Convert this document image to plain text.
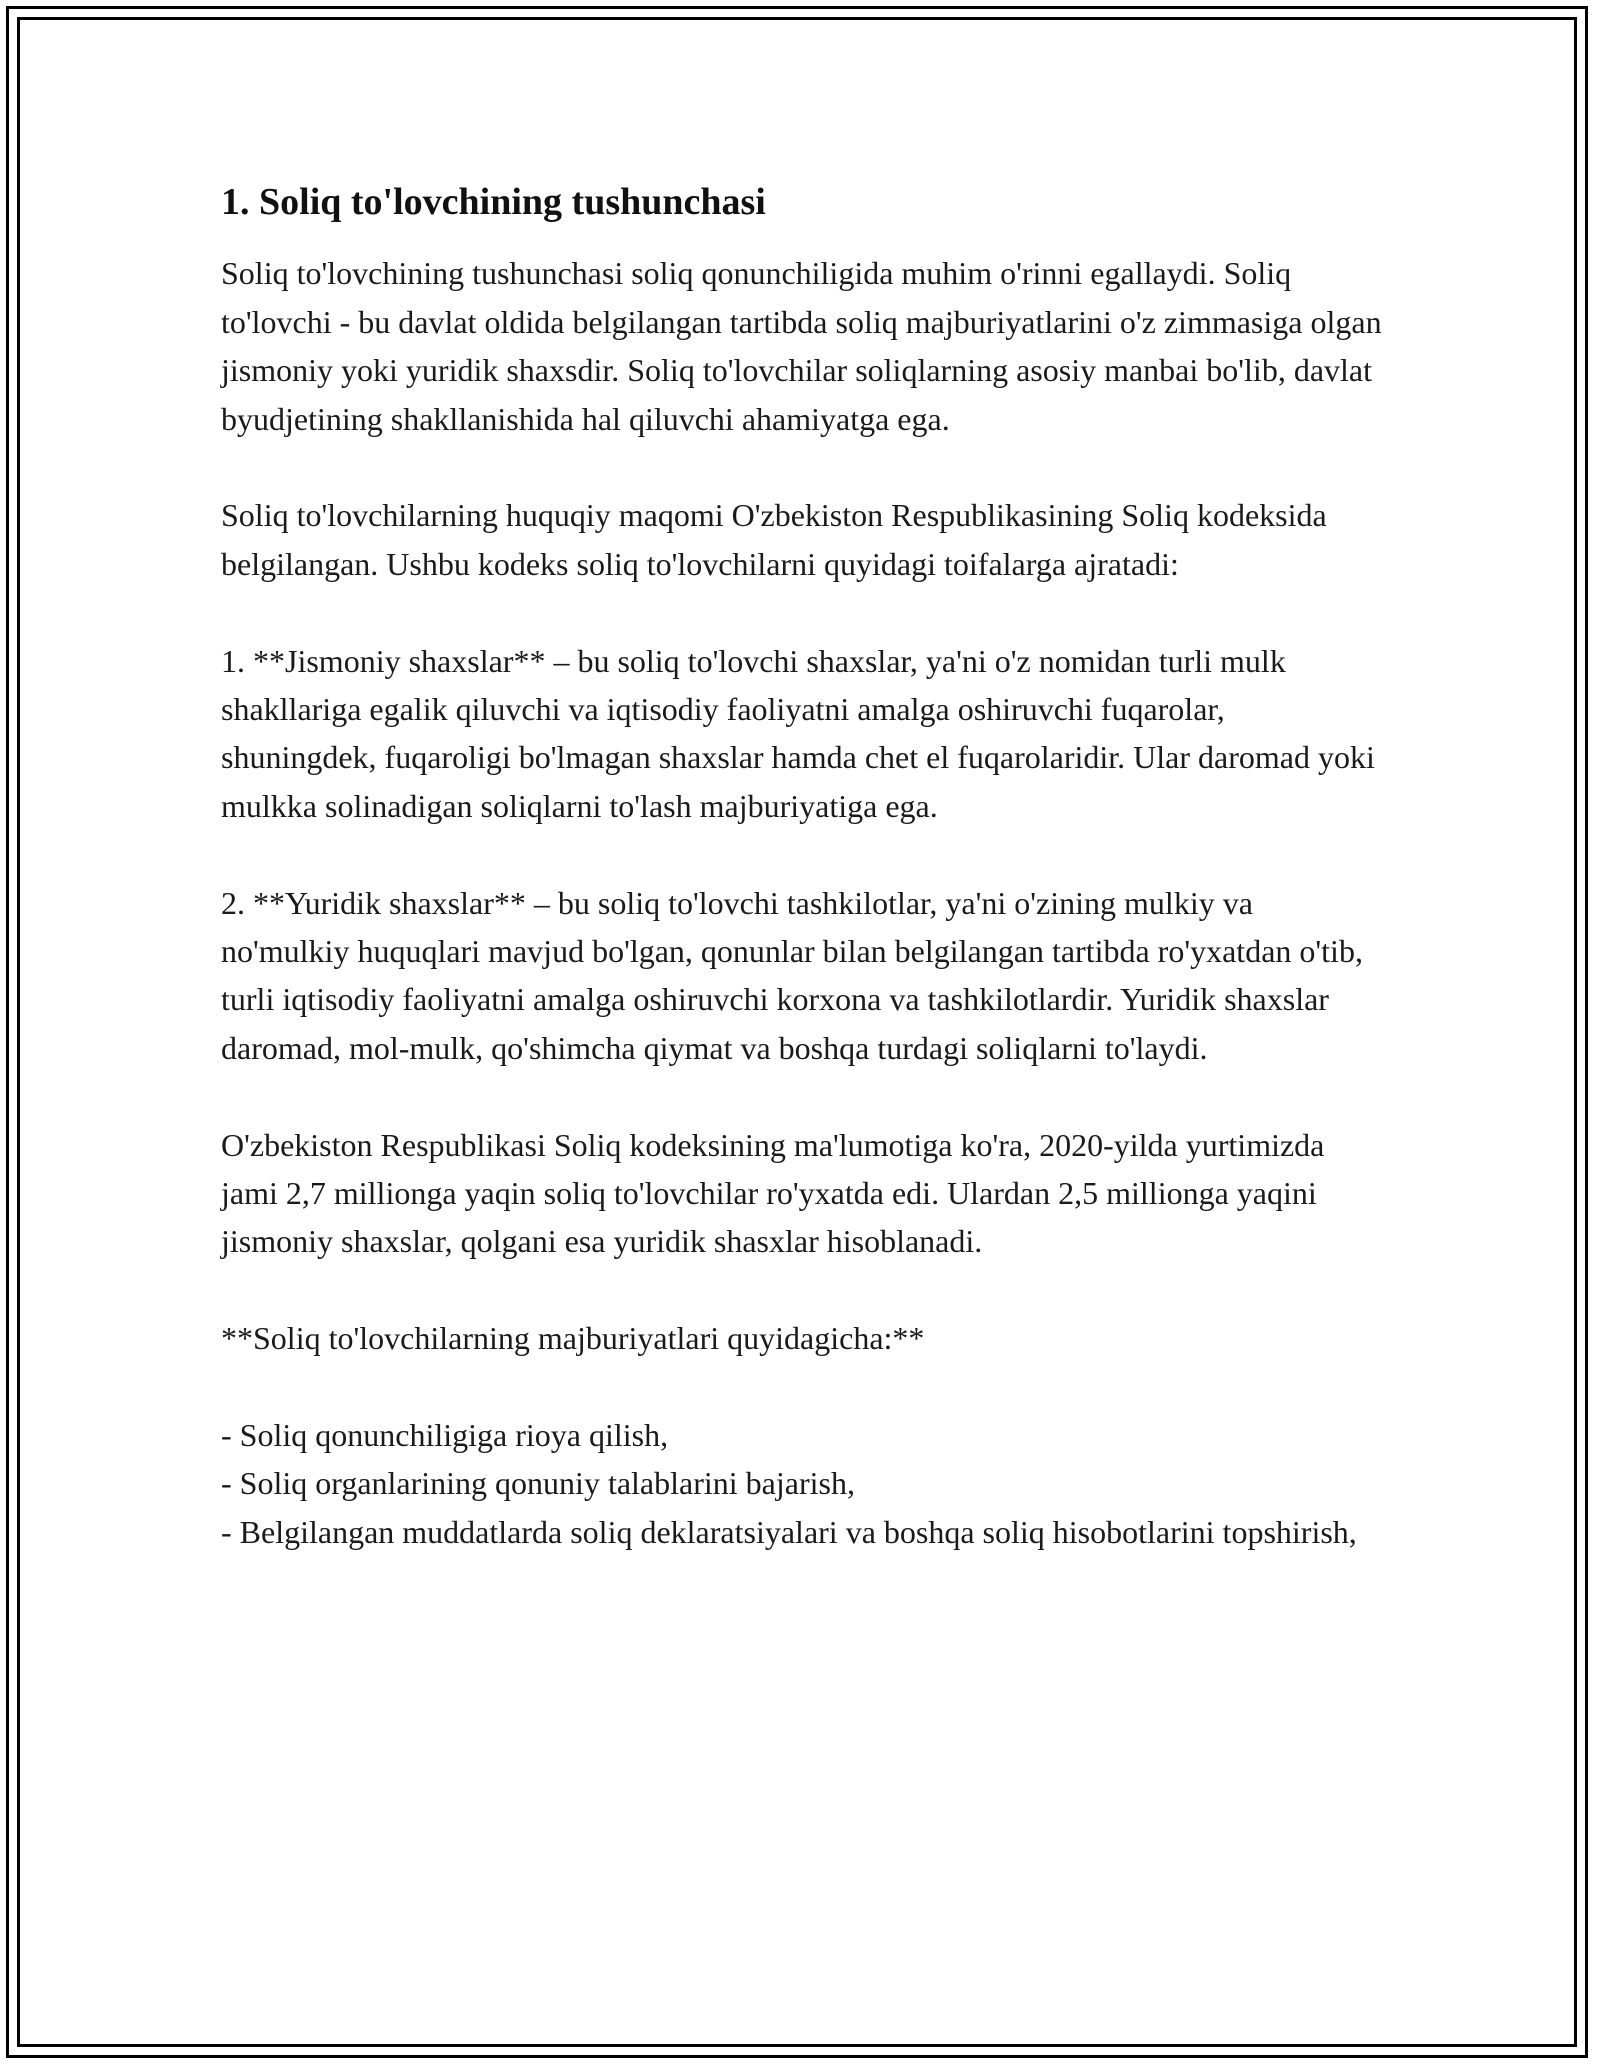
1. Soliq to'lovchining tushunchasi

Soliq to'lovchining tushunchasi soliq qonunchiligida muhim o'rinni egallaydi. Soliq to'lovchi - bu davlat oldida belgilangan tartibda soliq majburiyatlarini o'z zimmasiga olgan jismoniy yoki yuridik shaxsdir. Soliq to'lovchilar soliqlarning asosiy manbai bo'lib, davlat byudjetining shakllanishida hal qiluvchi ahamiyatga ega.

Soliq to'lovchilarning huquqiy maqomi O'zbekiston Respublikasining Soliq kodeksida belgilangan. Ushbu kodeks soliq to'lovchilarni quyidagi toifalarga ajratadi:

1. **Jismoniy shaxslar** – bu soliq to'lovchi shaxslar, ya'ni o'z nomidan turli mulk shakllariga egalik qiluvchi va iqtisodiy faoliyatni amalga oshiruvchi fuqarolar, shuningdek, fuqaroligi bo'lmagan shaxslar hamda chet el fuqarolaridir. Ular daromad yoki mulkka solinadigan soliqlarni to'lash majburiyatiga ega.

2. **Yuridik shaxslar** – bu soliq to'lovchi tashkilotlar, ya'ni o'zining mulkiy va no'mulkiy huquqlari mavjud bo'lgan, qonunlar bilan belgilangan tartibda ro'yxatdan o'tib, turli iqtisodiy faoliyatni amalga oshiruvchi korxona va tashkilotlardir. Yuridik shaxslar daromad, mol-mulk, qo'shimcha qiymat va boshqa turdagi soliqlarni to'laydi.

O'zbekiston Respublikasi Soliq kodeksining ma'lumotiga ko'ra, 2020-yilda yurtimizda jami 2,7 millionga yaqin soliq to'lovchilar ro'yxatda edi. Ulardan 2,5 millionga yaqini jismoniy shaxslar, qolgani esa yuridik shasxlar hisoblanadi.

**Soliq to'lovchilarning majburiyatlari quyidagicha:**

- Soliq qonunchiligiga rioya qilish,
- Soliq organlarining qonuniy talablarini bajarish,
- Belgilangan muddatlarda soliq deklaratsiyalari va boshqa soliq hisobotlarini topshirish,
